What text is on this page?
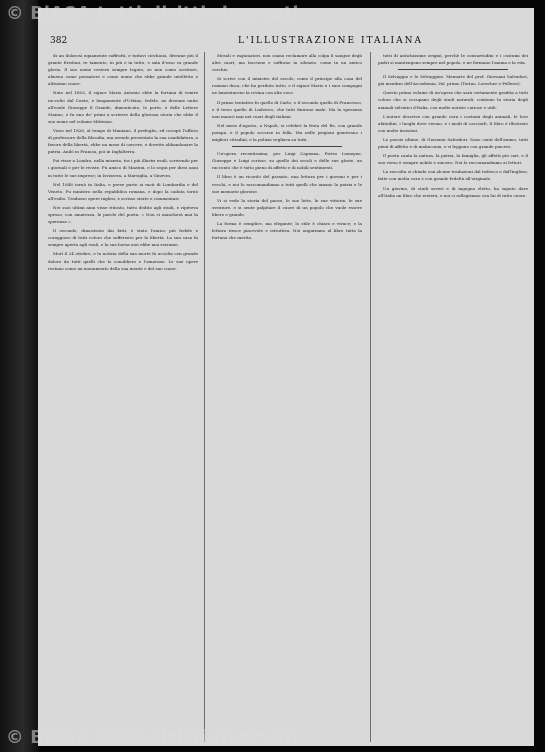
382	L'ILLUSTRAZIONE ITALIANA

di un dolorosi equamente suffrutti, e tuttavi ciechioni, divenne più il grante Eredoni, re tamento, in più e in tutto, e sala d'esso va grande gloria. Il suo nome resterà sempre legato, se non come scrittore, almeno come pensatore e come uomo che ebbe grande intelletto e altissimo cuore.

Nato nel 1803, il signor Mario Antonio ebbe la fortuna di venire raccolto dal Conte, e lungamente d'Urbino, fedele, ne divenne unito all'esule Giuseppe il Grande, dimenticato, le porte, e delle Lettere Stanno, e fu uno de' primi a scrivere della gloriosa storia che ebbe il suo nome nel volume Mittenza.

Visse nel 1826, al tempo di Maniano, il prefoglio, ed occupò l'ufficio di professore della filosofia; ma avendo presentato la sua candidatura, a favore della libertà, ebbe un mese di carcere, e dovette abbandonare la patria. Andò in Francia, poi in Inghilterra.

Poi visse a Londra, nella miseria, tra i più illustri esuli, scrivendo per i giornali e per le riviste. Fu amico di Mazzini, e lo segui per dieci anni in tutte le sue imprese; in Isvizzera, a Marsiglia, a Ginevra.

Nel 1848 tornò in Italia, e prese parte ai moti di Lombardia e del Veneto. Fu ministro nella repubblica romana, e dopo la caduta tornò all'esilio. Tradusse opere inglesi, e scrisse storie e commentari.

Nei suoi ultimi anni visse ritirato, tutto dedito agli studi, e ripeteva spesso, con amarezza, le parole del poeta: « Non ci mancherà mai la speranza ».

Il secondo, dimostrato dai fatti, è stato l'amico più fedele e coraggioso di tutti coloro che soffersero per la libertà. La sua casa fu sempre aperta agli esuli, e la sua borsa non ebbe mai serrame.

Morì il 24 ottobre, e la notizia della sua morte fu accolta con grande dolore da tutti quelli che lo conobbero e l'amarono. Le sue opere restano come un monumento della sua mente e del suo cuore.

Mesoli e ragionatori, non osano reclamare alla colpa il sangue degli altri cuori; ma taccione e soffrono in silenzio, come in un antico cerchio.

Si scrive con il ministro del secolo, come il principe alla casa del romano duca, che ha perduto tutto, e il signor Mario e i suoi compagni ne lamentarono la rovina con alta voce.

Il primo tentativo fu quello di Carlo, e il secondo quello di Francesco, e il terzo quello di Ludovico, che tutti finirono male. Ma la speranza non mancò mai nei cuori degli italiani.

Nel mese d'agosto, a Napoli, si celebrò la festa del Re, con grande pompa, e il popolo accorse in folla. Ma nelle prigioni gemevano i migliori cittadini, e la polizia vegliava su tutti.

Un'opera recentissima, per Luigi Capuana, Pietro Lemoyne, Giuseppe e Luigi scrisse, su quello dei secoli e delle sue glorie, un racconto che è tutto pieno di affetto e di nobili sentimenti.

Il libro è un ricordo del passato, una lettura per i giovani e per i vecchi, e noi lo raccomandiamo a tutti quelli che amano la patria e le sue memorie gloriose.

Vi si vede la storia del paese, le sue lotte, le sue vittorie, le sue sventure, e si sente palpitare il cuore di un popolo che vuole essere libero e grande.

La forma è semplice, ma elegante; lo stile è chiaro e vivace; e la lettura riesce piacevole e istruttiva. Noi auguriamo al libro tutta la fortuna che merita.

tutti di antichissime origini, perchè le consuetudini e i costumi dei padri si mantengono sempre nel popolo, e ne formano l'anima e la vita.

Il Selvaggio e le Selvaggine. Memorie del prof. Giovanni Salvadori, già membro dell'Accademia, Val. primo (Torino, Loescher e Pellerio).

Questo primo volume di un'opera che sarà certamente gradita a tutti coloro che si occupano degli studi naturali, contiene la storia degli animali selvatici d'Italia, con molte notizie curiose e utili.

L'autore descrive con grande cura i costumi degli animali, le loro abitudini, i luoghi dove vivono, e i modi di cacciarli. Il libro è illustrato con molte incisioni.

Le poesie ultime, di Giovanni Salvadori. Sono canti dell'animo, tutti pieni di affetto e di malinconia, e si leggono con grande piacere.

Il poeta canta la natura, la patria, la famiglia, gli affetti più cari, e il suo verso è sempre nobile e sincero. Noi lo raccomandiamo ai lettori.

La raccolta si chiude con alcune traduzioni dal tedesco e dall'inglese, fatte con molta cura e con grande fedeltà all'originale.

Un giovine, di studi severi e di ingegno eletto, ha saputo dare all'Italia un libro che resterà, e noi ci rallegriamo con lui di tutto cuore.

© BiASA tutti diritti riservati
© BiASA tutti diritti riservati
